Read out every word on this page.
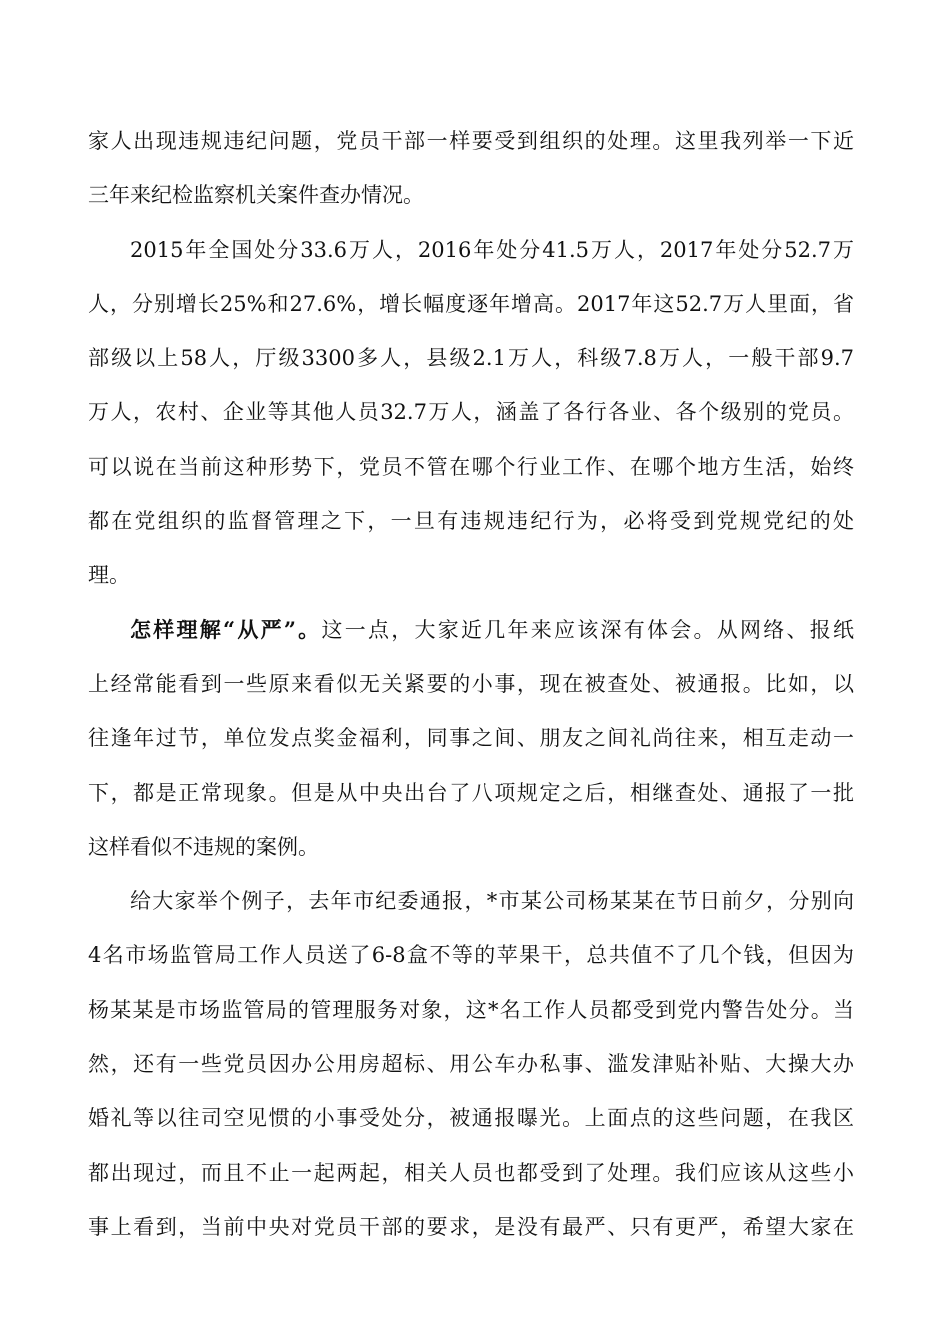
家人出现违规违纪问题，党员干部一样要受到组织的处理。这里我列举一下近
三年来纪检监察机关案件查办情况。
2015年全国处分33.6万人，2016年处分41.5万人，2017年处分52.7万
人，分别增长25%和27.6%，增长幅度逐年增高。2017年这52.7万人里面，省
部级以上58人，厅级3300多人，县级2.1万人，科级7.8万人，一般干部9.7
万人，农村、企业等其他人员32.7万人，涵盖了各行各业、各个级别的党员。
可以说在当前这种形势下，党员不管在哪个行业工作、在哪个地方生活，始终
都在党组织的监督管理之下，一旦有违规违纪行为，必将受到党规党纪的处
理。
怎样理解“从严”。这一点，大家近几年来应该深有体会。从网络、报纸
上经常能看到一些原来看似无关紧要的小事，现在被查处、被通报。比如，以
往逢年过节，单位发点奖金福利，同事之间、朋友之间礼尚往来，相互走动一
下，都是正常现象。但是从中央出台了八项规定之后，相继查处、通报了一批
这样看似不违规的案例。
给大家举个例子，去年市纪委通报，*市某公司杨某某在节日前夕，分别向
4名市场监管局工作人员送了6-8盒不等的苹果干，总共值不了几个钱，但因为
杨某某是市场监管局的管理服务对象，这*名工作人员都受到党内警告处分。当
然，还有一些党员因办公用房超标、用公车办私事、滥发津贴补贴、大操大办
婚礼等以往司空见惯的小事受处分，被通报曝光。上面点的这些问题，在我区
都出现过，而且不止一起两起，相关人员也都受到了处理。我们应该从这些小
事上看到，当前中央对党员干部的要求，是没有最严、只有更严，希望大家在
